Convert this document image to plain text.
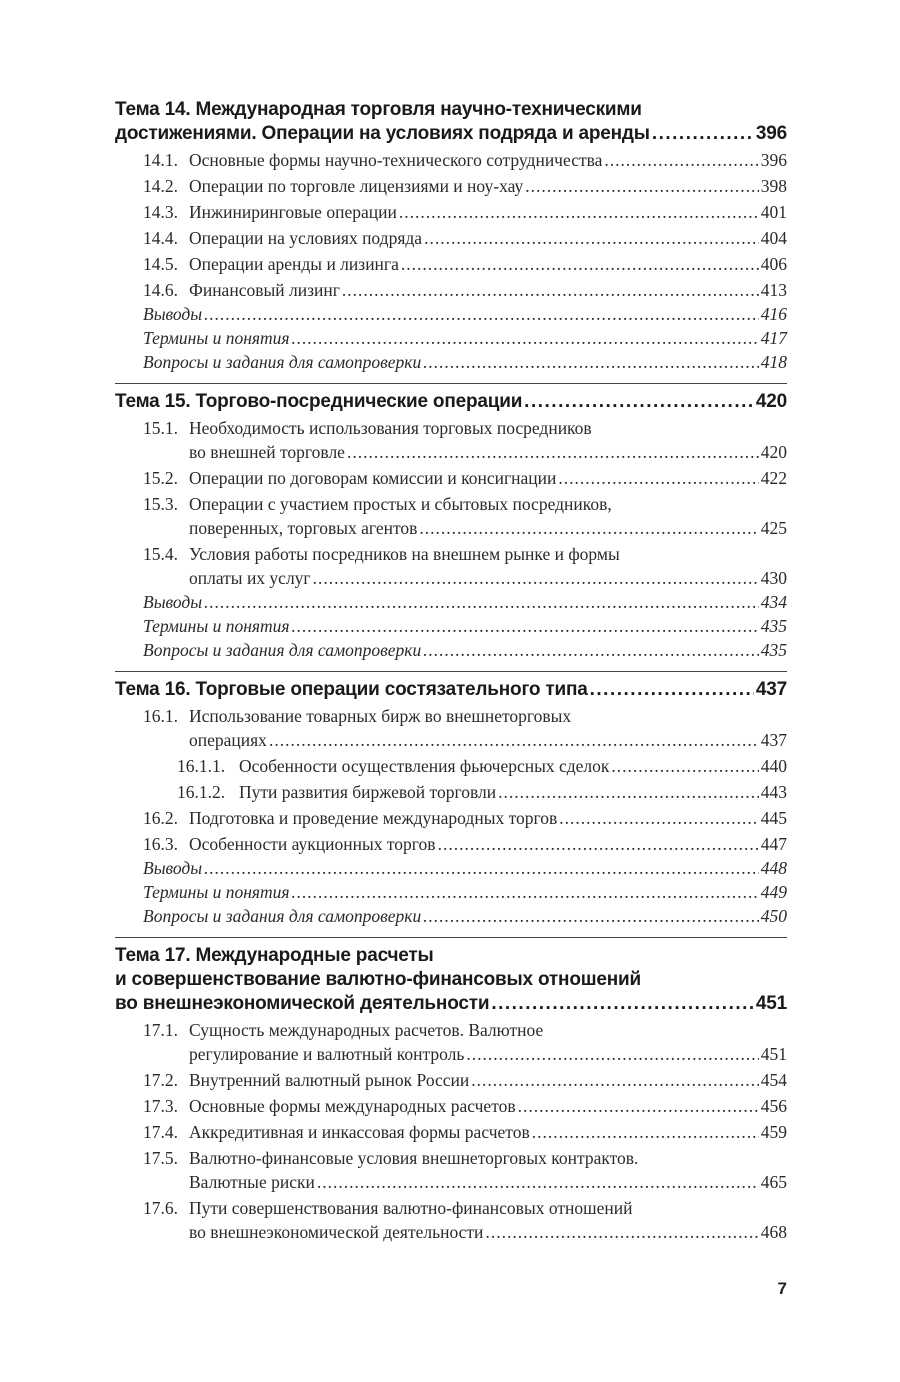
Тема 14. Международная торговля научно-техническими
достижениями. Операции на условиях подряда и аренды .....	396
14.1. Основные формы научно-технического сотрудничества .....	396
14.2. Операции по торговле лицензиями и ноу-хау .....	398
14.3. Инжиниринговые операции .....	401
14.4. Операции на условиях подряда .....	404
14.5. Операции аренды и лизинга .....	406
14.6. Финансовый лизинг .....	413
Выводы .....	416
Термины и понятия .....	417
Вопросы и задания для самопроверки .....	418
Тема 15. Торгово-посреднические операции .....	420
15.1. Необходимость использования торговых посредников
во внешней торговле .....	420
15.2. Операции по договорам комиссии и консигнации .....	422
15.3. Операции с участием простых и сбытовых посредников,
поверенных, торговых агентов .....	425
15.4. Условия работы посредников на внешнем рынке и формы
оплаты их услуг .....	430
Выводы .....	434
Термины и понятия .....	435
Вопросы и задания для самопроверки .....	435
Тема 16. Торговые операции состязательного типа .....	437
16.1. Использование товарных бирж во внешнеторговых
операциях .....	437
16.1.1. Особенности осуществления фьючерсных сделок .....	440
16.1.2. Пути развития биржевой торговли .....	443
16.2. Подготовка и проведение международных торгов .....	445
16.3. Особенности аукционных торгов .....	447
Выводы .....	448
Термины и понятия .....	449
Вопросы и задания для самопроверки .....	450
Тема 17. Международные расчеты
и совершенствование валютно-финансовых отношений
во внешнеэкономической деятельности .....	451
17.1. Сущность международных расчетов. Валютное
регулирование и валютный контроль .....	451
17.2. Внутренний валютный рынок России .....	454
17.3. Основные формы международных расчетов .....	456
17.4. Аккредитивная и инкассовая формы расчетов .....	459
17.5. Валютно-финансовые условия внешнеторговых контрактов.
Валютные риски .....	465
17.6. Пути совершенствования валютно-финансовых отношений
во внешнеэкономической деятельности .....	468
7
